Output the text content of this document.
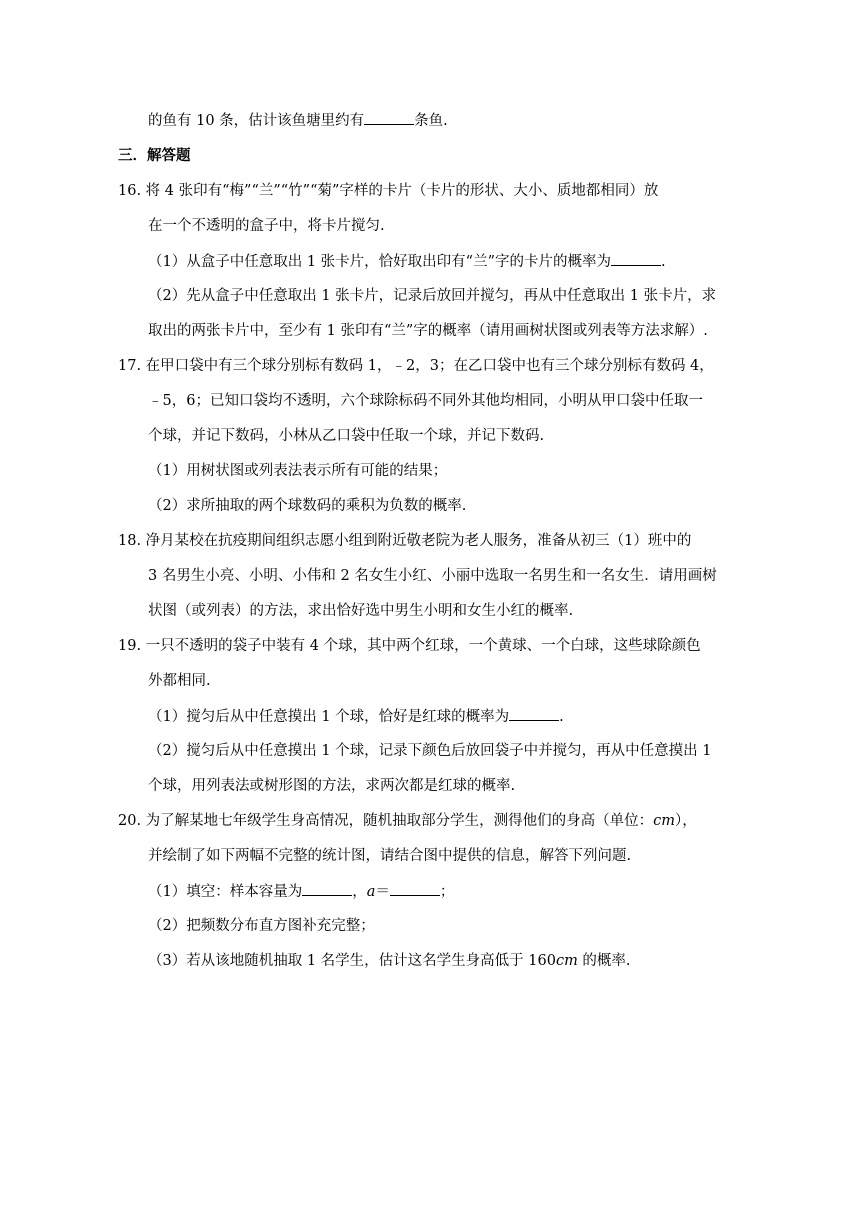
的鱼有 10 条，估计该鱼塘里约有	条鱼.
三．解答题
16. 将 4 张印有“梅”“兰”“竹”“菊”字样的卡片（卡片的形状、大小、质地都相同）放
在一个不透明的盒子中，将卡片搅匀.
（1）从盒子中任意取出 1 张卡片，恰好取出印有“兰”字的卡片的概率为	.
（2）先从盒子中任意取出 1 张卡片，记录后放回并搅匀，再从中任意取出 1 张卡片，求
取出的两张卡片中，至少有 1 张印有“兰”字的概率（请用画树状图或列表等方法求解）.
17. 在甲口袋中有三个球分别标有数码 1，﹣2，3；在乙口袋中也有三个球分别标有数码 4，
﹣5，6；已知口袋均不透明，六个球除标码不同外其他均相同，小明从甲口袋中任取一
个球，并记下数码，小林从乙口袋中任取一个球，并记下数码.
（1）用树状图或列表法表示所有可能的结果；
（2）求所抽取的两个球数码的乘积为负数的概率.
18. 净月某校在抗疫期间组织志愿小组到附近敬老院为老人服务，准备从初三（1）班中的
3 名男生小亮、小明、小伟和 2 名女生小红、小丽中选取一名男生和一名女生．请用画树
状图（或列表）的方法，求出恰好选中男生小明和女生小红的概率.
19. 一只不透明的袋子中装有 4 个球，其中两个红球，一个黄球、一个白球，这些球除颜色
外都相同.
（1）搅匀后从中任意摸出 1 个球，恰好是红球的概率为	.
（2）搅匀后从中任意摸出 1 个球，记录下颜色后放回袋子中并搅匀，再从中任意摸出 1
个球，用列表法或树形图的方法，求两次都是红球的概率.
20. 为了解某地七年级学生身高情况，随机抽取部分学生，测得他们的身高（单位：cm），
并绘制了如下两幅不完整的统计图，请结合图中提供的信息，解答下列问题.
（1）填空：样本容量为	，a＝	；
（2）把频数分布直方图补充完整；
（3）若从该地随机抽取 1 名学生，估计这名学生身高低于 160cm 的概率.
